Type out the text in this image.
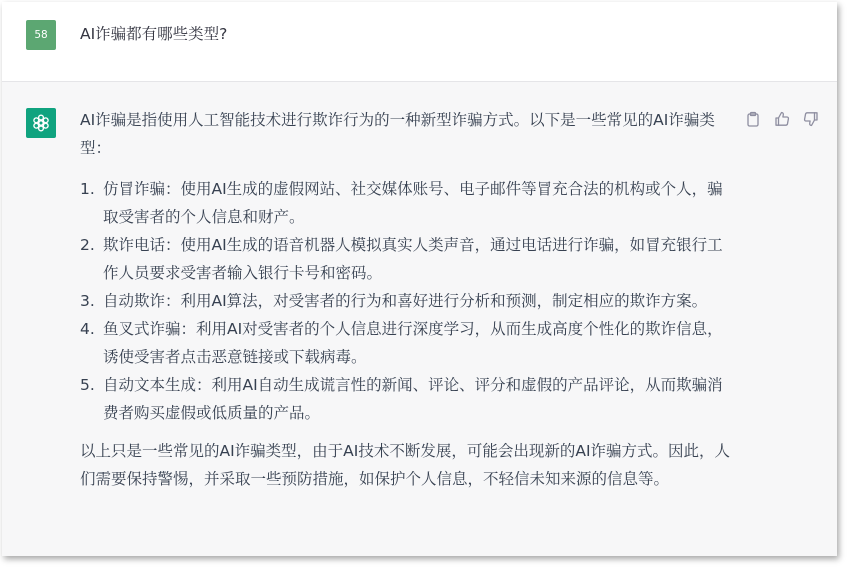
58	AI诈骗都有哪些类型?

AI诈骗是指使用人工智能技术进行欺诈行为的一种新型诈骗方式。以下是一些常见的AI诈骗类型：

1. 仿冒诈骗：使用AI生成的虚假网站、社交媒体账号、电子邮件等冒充合法的机构或个人，骗取受害者的个人信息和财产。
2. 欺诈电话：使用AI生成的语音机器人模拟真实人类声音，通过电话进行诈骗，如冒充银行工作人员要求受害者输入银行卡号和密码。
3. 自动欺诈：利用AI算法，对受害者的行为和喜好进行分析和预测，制定相应的欺诈方案。
4. 鱼叉式诈骗：利用AI对受害者的个人信息进行深度学习，从而生成高度个性化的欺诈信息，诱使受害者点击恶意链接或下载病毒。
5. 自动文本生成：利用AI自动生成谎言性的新闻、评论、评分和虚假的产品评论，从而欺骗消费者购买虚假或低质量的产品。

以上只是一些常见的AI诈骗类型，由于AI技术不断发展，可能会出现新的AI诈骗方式。因此，人们需要保持警惕，并采取一些预防措施，如保护个人信息，不轻信未知来源的信息等。
